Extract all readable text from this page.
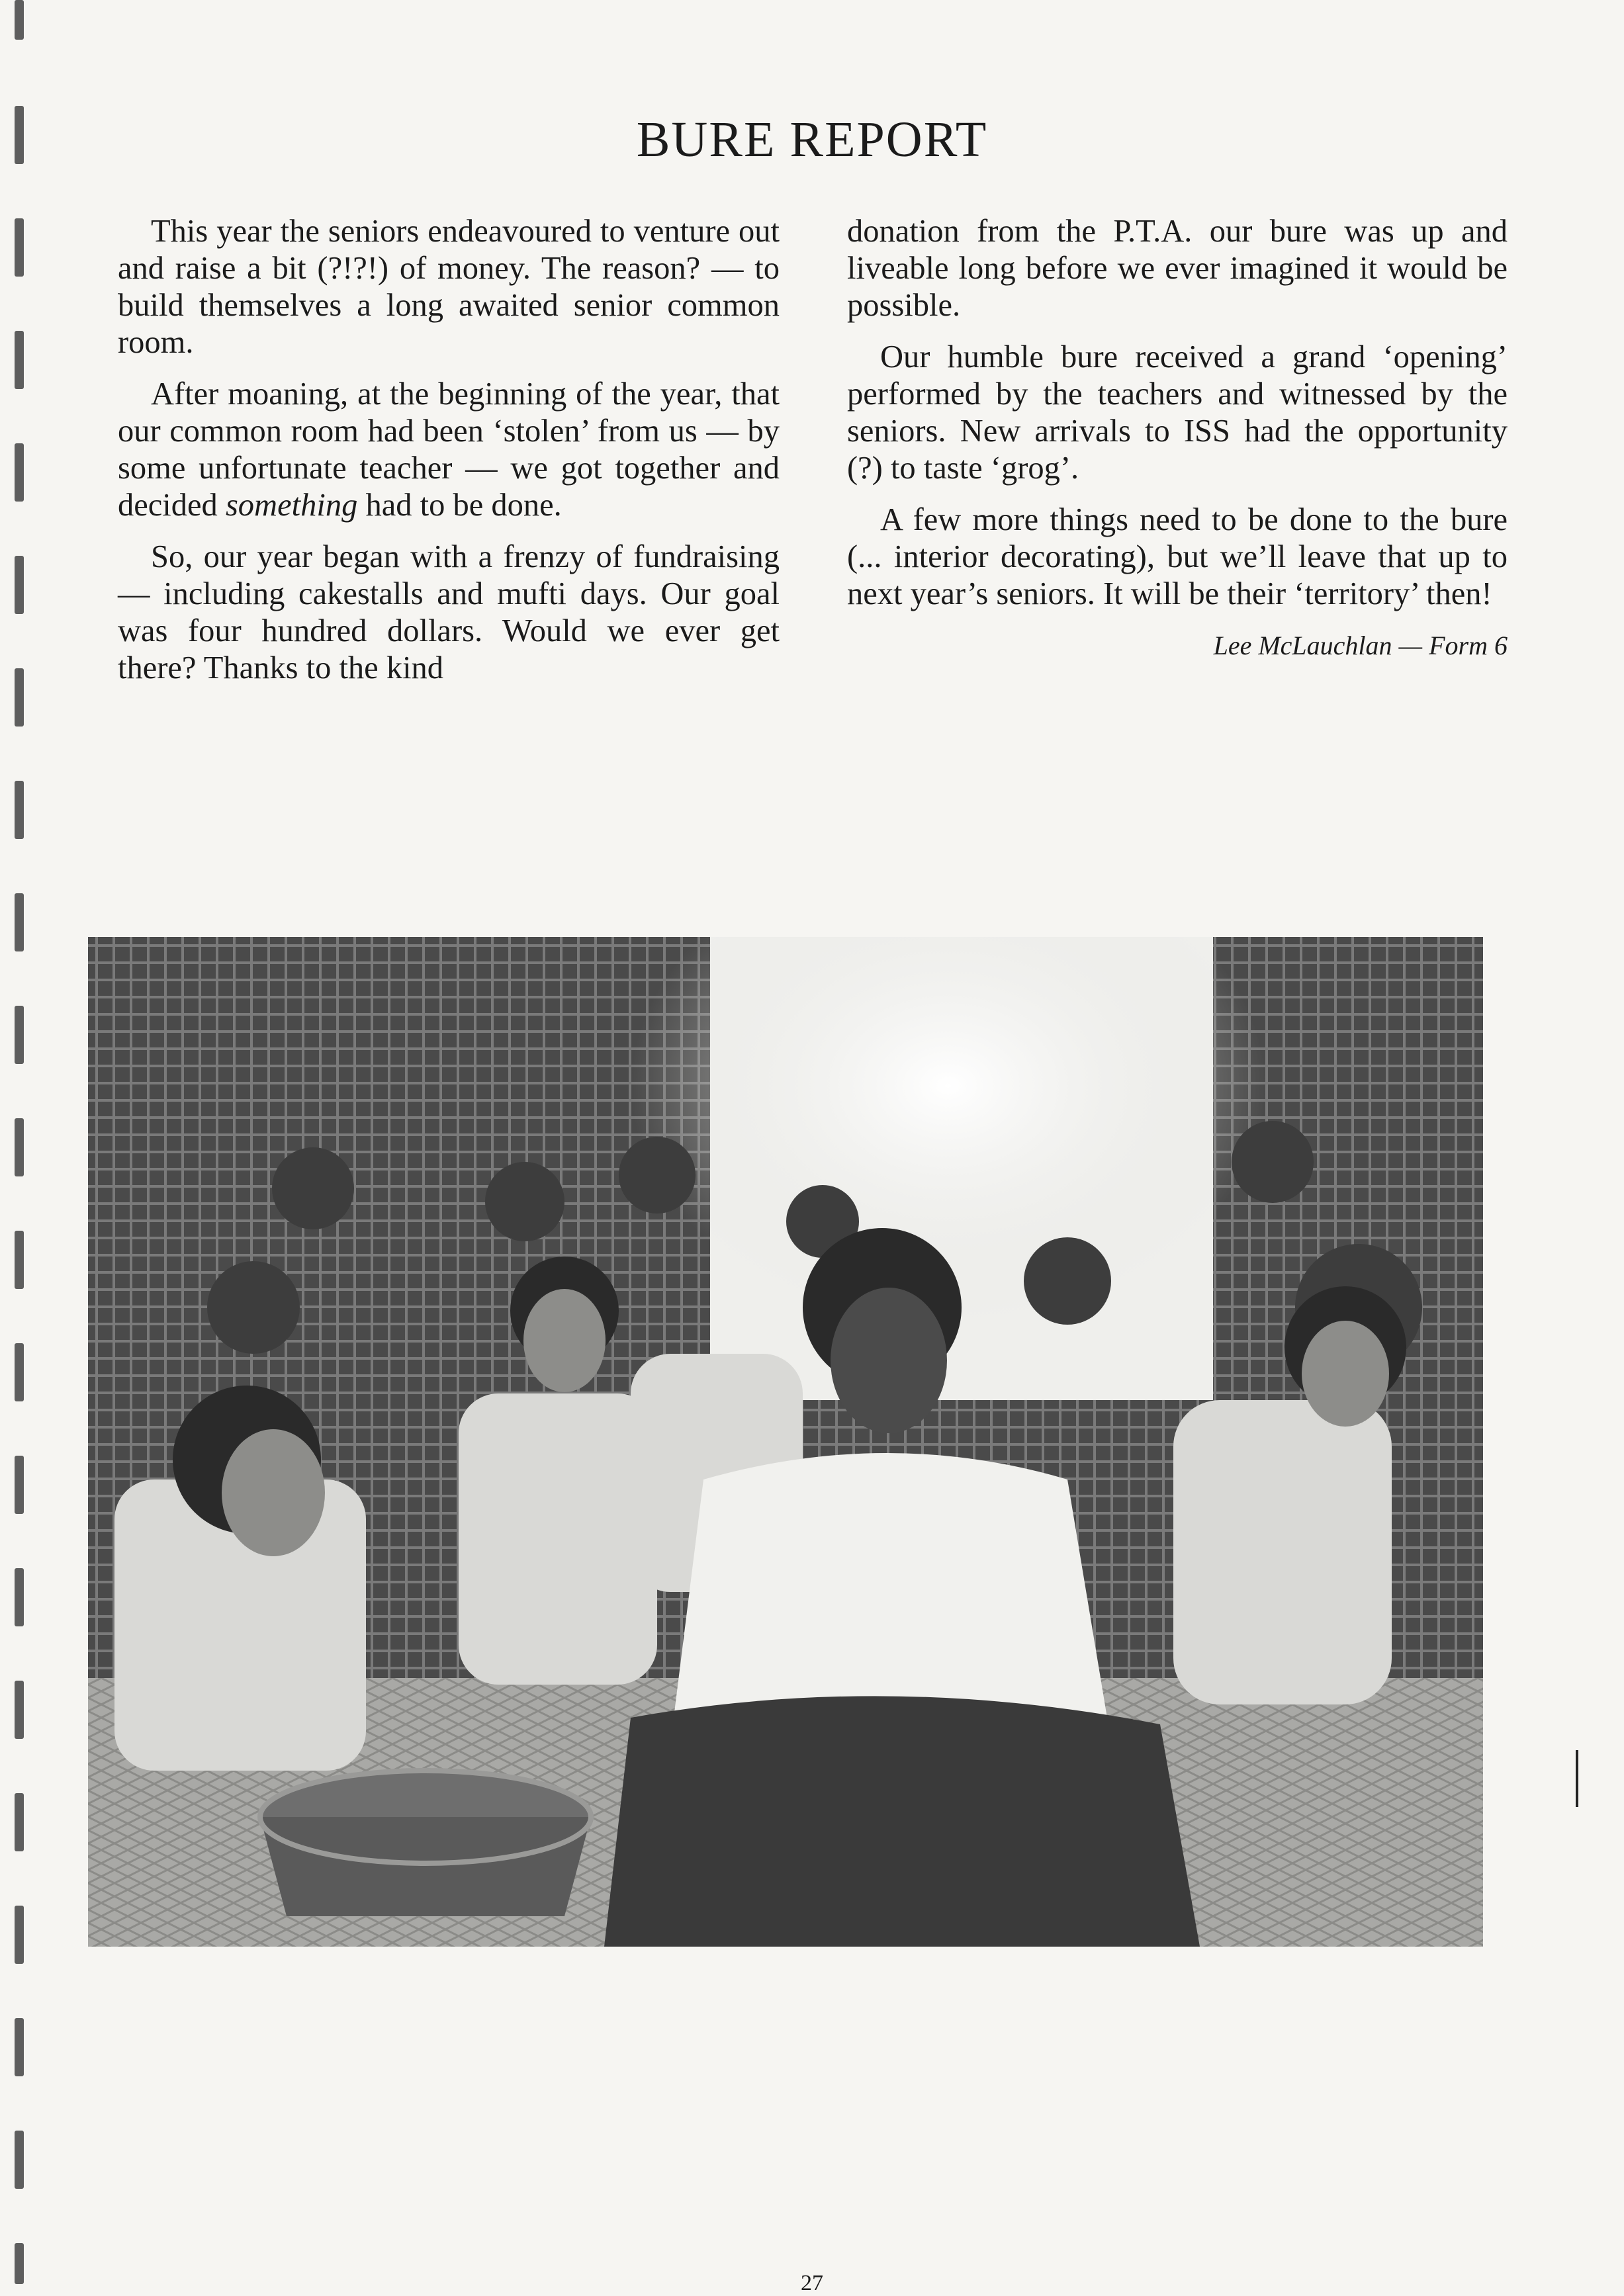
BURE REPORT

This year the seniors endeavoured to venture out and raise a bit (?!?!) of money. The reason? — to build themselves a long awaited senior common room.

After moaning, at the beginning of the year, that our common room had been ‘stolen’ from us — by some unfortunate teacher — we got together and decided something had to be done.

So, our year began with a frenzy of fundraising — including cakestalls and mufti days. Our goal was four hundred dollars. Would we ever get there? Thanks to the kind

donation from the P.T.A. our bure was up and liveable long before we ever imagined it would be possible.

Our humble bure received a grand ‘opening’ performed by the teachers and witnessed by the seniors. New arrivals to ISS had the opportunity (?) to taste ‘grog’.

A few more things need to be done to the bure (... interior decorating), but we’ll leave that up to next year’s seniors. It will be their ‘territory’ then!

Lee McLauchlan — Form 6
27
